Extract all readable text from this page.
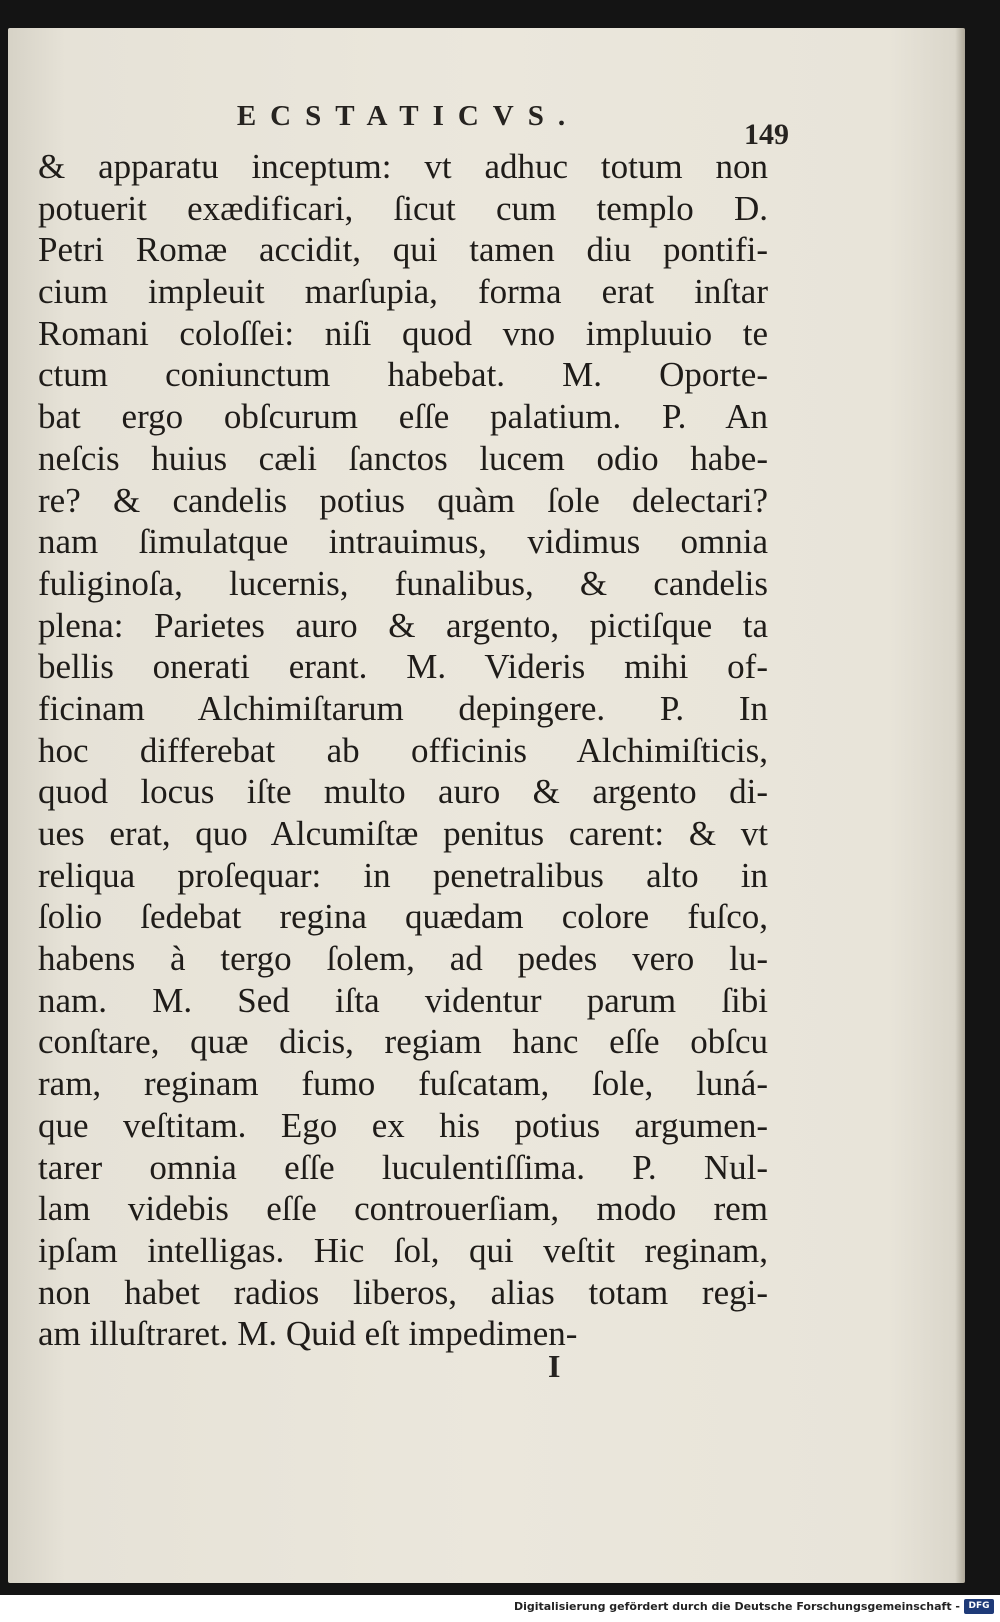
ECSTATICVS.
149
& apparatu inceptum: vt adhuc totum non
potuerit exædificari, ſicut cum templo D.
Petri Romæ accidit, qui tamen diu pontifi-
cium impleuit marſupia, forma erat inſtar
Romani coloſſei: niſi quod vno impluuio te
ctum coniunctum habebat. M. Oporte-
bat ergo obſcurum eſſe palatium. P. An
neſcis huius cæli ſanctos lucem odio habe-
re? & candelis potius quàm ſole delectari?
nam ſimulatque intrauimus, vidimus omnia
fuliginoſa, lucernis, funalibus, & candelis
plena: Parietes auro & argento, pictiſque ta
bellis onerati erant. M. Videris mihi of-
ficinam Alchimiſtarum depingere. P. In
hoc differebat ab officinis Alchimiſticis,
quod locus iſte multo auro & argento di-
ues erat, quo Alcumiſtæ penitus carent: & vt
reliqua proſequar: in penetralibus alto in
ſolio ſedebat regina quædam colore fuſco,
habens à tergo ſolem, ad pedes vero lu-
nam. M. Sed iſta videntur parum ſibi
conſtare, quæ dicis, regiam hanc eſſe obſcu
ram, reginam fumo fuſcatam, ſole, luná-
que veſtitam. Ego ex his potius argumen-
tarer omnia eſſe luculentiſſima. P. Nul-
lam videbis eſſe controuerſiam, modo rem
ipſam intelligas. Hic ſol, qui veſtit reginam,
non habet radios liberos, alias totam regi-
am illuſtraret. M. Quid eſt impedimen-
I
Digitalisierung gefördert durch die Deutsche Forschungsgemeinschaft - DFG
